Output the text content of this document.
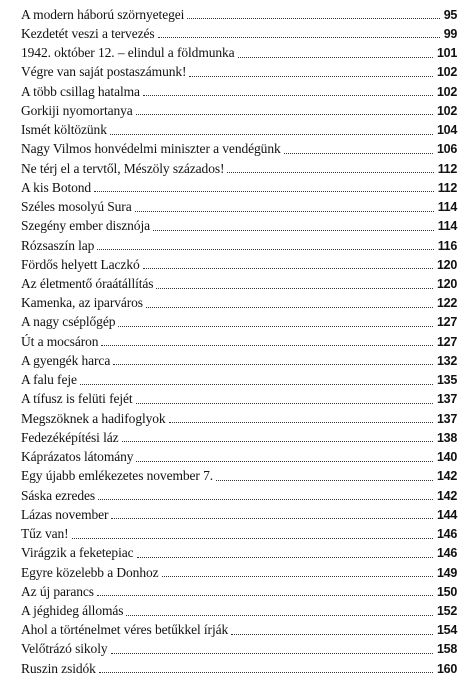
A modern háború szörnyetegei	95
Kezdetét veszi a tervezés	99
1942. október 12. – elindul a földmunka	101
Végre van saját postaszámunk!	102
A több csillag hatalma	102
Gorkiji nyomortanya	102
Ismét költözünk	104
Nagy Vilmos honvédelmi miniszter a vendégünk	106
Ne térj el a tervtől, Mészöly százados!	112
A kis Botond	112
Széles mosolyú Sura	114
Szegény ember disznója	114
Rózsaszín lap	116
Fördős helyett Laczkó	120
Az életmentő óraátállítás	120
Kamenka, az iparváros	122
A nagy cséplőgép	127
Út a mocsáron	127
A gyengék harca	132
A falu feje	135
A tífusz is felüti fejét	137
Megszöknek a hadifoglyok	137
Fedezéképítési láz	138
Káprázatos látomány	140
Egy újabb emlékezetes november 7.	142
Sáska ezredes	142
Lázas november	144
Tűz van!	146
Virágzik a feketepiac	146
Egyre közelebb a Donhoz	149
Az új parancs	150
A jéghideg állomás	152
Ahol a történelmet véres betűkkel írják	154
Velőtrázó sikoly	158
Ruszin zsidók	160
